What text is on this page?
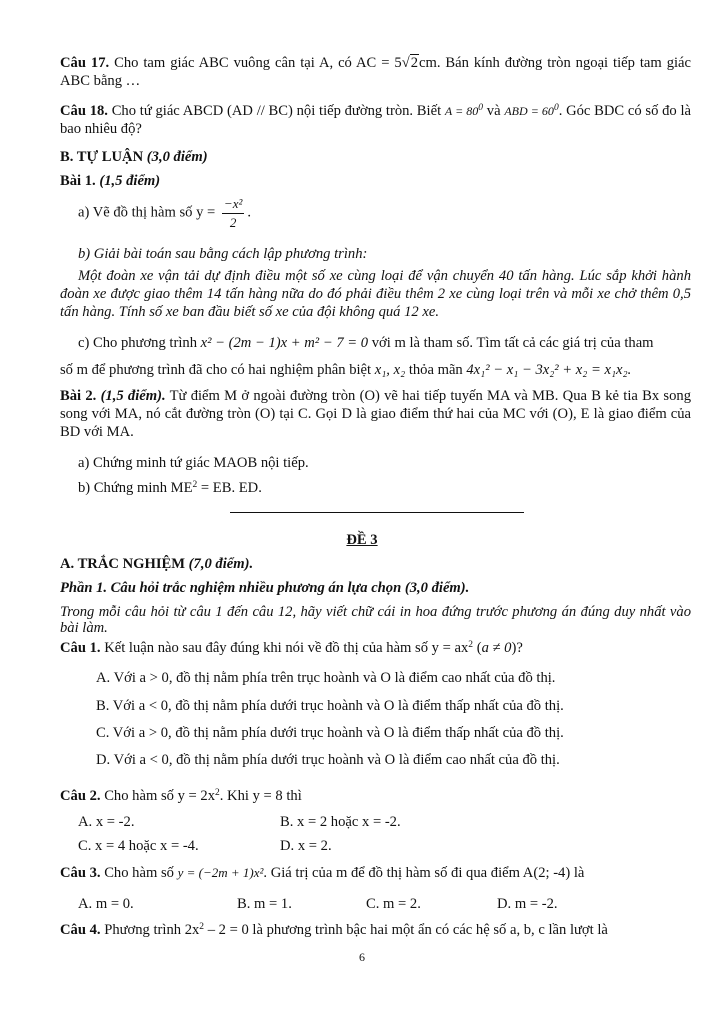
Câu 17. Cho tam giác ABC vuông cân tại A, có AC = 5√2cm. Bán kính đường tròn ngoại tiếp tam giác ABC bằng …
Câu 18. Cho tứ giác ABCD (AD // BC) nội tiếp đường tròn. Biết $A = 80^0$ và ABD = $60^0$. Góc BDC có số đo là bao nhiêu độ?
B. TỰ LUẬN (3,0 điểm)
Bài 1. (1,5 điểm)
a) Vẽ đồ thị hàm số $y = \frac{\text{−x²}}{2}$ .
b) Giải bài toán sau bằng cách lập phương trình:
Một đoàn xe vận tải dự định điều một số xe cùng loại để vận chuyển 40 tấn hàng. Lúc sắp khởi hành đoàn xe được giao thêm 14 tấn hàng nữa do đó phải điều thêm 2 xe cùng loại trên và mỗi xe chở thêm 0,5 tấn hàng. Tính số xe ban đầu biết số xe của đội không quá 12 xe.
c) Cho phương trình x² − (2m − 1)x + m² − 7 = 0 với m là tham số. Tìm tất cả các giá trị của tham
số m để phương trình đã cho có hai nghiệm phân biệt x₁, x₂ thỏa mãn 4x₁² − x₁ − 3x₂² + x₂ = x₁x₂.
Bài 2. (1,5 điểm). Từ điểm M ở ngoài đường tròn (O) vẽ hai tiếp tuyến MA và MB. Qua B kẻ tia Bx song song với MA, nó cắt đường tròn (O) tại C. Gọi D là giao điểm thứ hai của MC với (O), E là giao điểm của BD với MA.
a) Chứng minh tứ giác MAOB nội tiếp.
b) Chứng minh $ME^2$ = EB. ED.
ĐỀ 3
A. TRẮC NGHIỆM (7,0 điểm).
Phần 1. Câu hỏi trắc nghiệm nhiều phương án lựa chọn (3,0 điểm).
Trong mỗi câu hỏi từ câu 1 đến câu 12, hãy viết chữ cái in hoa đứng trước phương án đúng duy nhất vào bài làm.
Câu 1. Kết luận nào sau đây đúng khi nói về đồ thị của hàm số $y = ax^2$ (a ≠ 0)?
A. Với a > 0, đồ thị nằm phía trên trục hoành và O là điểm cao nhất của đồ thị.
B. Với a < 0, đồ thị nằm phía dưới trục hoành và O là điểm thấp nhất của đồ thị.
C. Với a > 0, đồ thị nằm phía dưới trục hoành và O là điểm thấp nhất của đồ thị.
D. Với a < 0, đồ thị nằm phía dưới trục hoành và O là điểm cao nhất của đồ thị.
Câu 2. Cho hàm số $y = 2x^2$. Khi y = 8 thì
A. x = -2.	B. x = 2 hoặc x = -2.
C. x = 4 hoặc x = -4.	D. x = 2.
Câu 3. Cho hàm số y = (−2m + 1)x². Giá trị của m để đồ thị hàm số đi qua điểm A(2; -4) là
A. m = 0.	B. m = 1.	C. m = 2.	D. m = -2.
Câu 4. Phương trình $2x^2 - 2 = 0$ là phương trình bậc hai một ẩn có các hệ số a, b, c lần lượt là
6
